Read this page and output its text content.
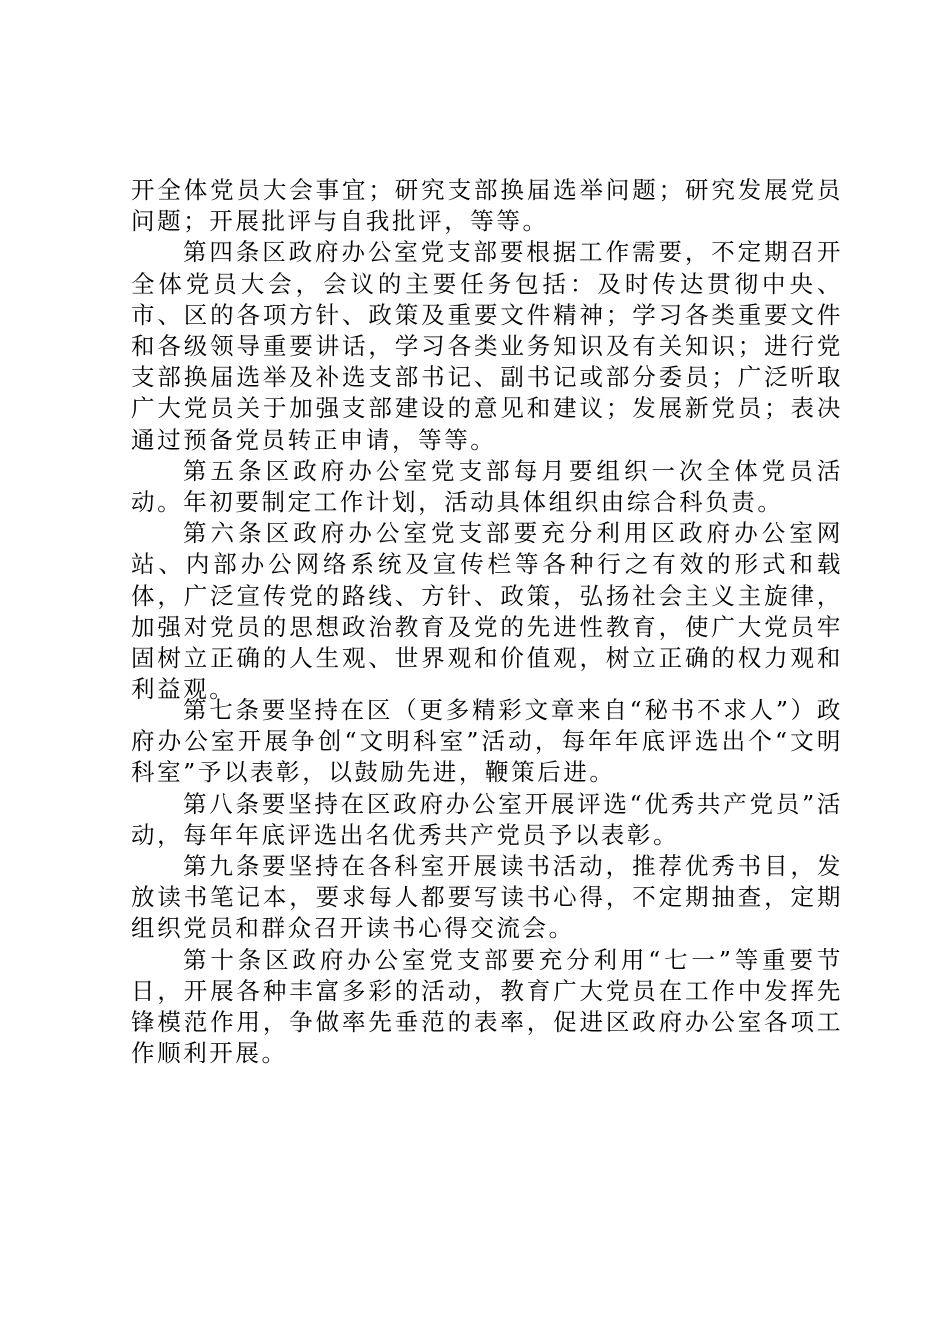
开全体党员大会事宜；研究支部换届选举问题；研究发展党员问题；开展批评与自我批评，等等。

第四条区政府办公室党支部要根据工作需要，不定期召开全体党员大会，会议的主要任务包括：及时传达贯彻中央、市、区的各项方针、政策及重要文件精神；学习各类重要文件和各级领导重要讲话，学习各类业务知识及有关知识；进行党支部换届选举及补选支部书记、副书记或部分委员；广泛听取广大党员关于加强支部建设的意见和建议；发展新党员；表决通过预备党员转正申请，等等。

第五条区政府办公室党支部每月要组织一次全体党员活动。年初要制定工作计划，活动具体组织由综合科负责。

第六条区政府办公室党支部要充分利用区政府办公室网站、内部办公网络系统及宣传栏等各种行之有效的形式和载体，广泛宣传党的路线、方针、政策，弘扬社会主义主旋律，加强对党员的思想政治教育及党的先进性教育，使广大党员牢固树立正确的人生观、世界观和价值观，树立正确的权力观和利益观。

第七条要坚持在区（更多精彩文章来自“秘书不求人”）政府办公室开展争创“文明科室”活动，每年年底评选出个“文明科室”予以表彰，以鼓励先进，鞭策后进。

第八条要坚持在区政府办公室开展评选“优秀共产党员”活动，每年年底评选出名优秀共产党员予以表彰。

第九条要坚持在各科室开展读书活动，推荐优秀书目，发放读书笔记本，要求每人都要写读书心得，不定期抽查，定期组织党员和群众召开读书心得交流会。

第十条区政府办公室党支部要充分利用“七一”等重要节日，开展各种丰富多彩的活动，教育广大党员在工作中发挥先锋模范作用，争做率先垂范的表率，促进区政府办公室各项工作顺利开展。
